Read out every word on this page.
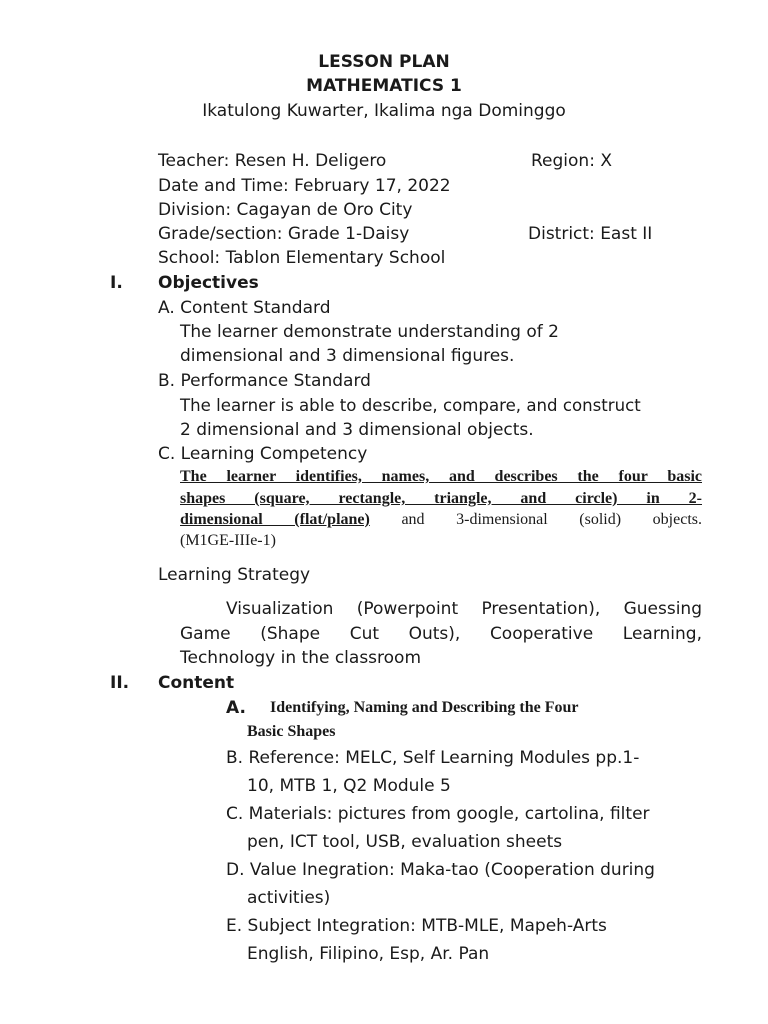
LESSON PLAN
MATHEMATICS 1
Ikatulong Kuwarter, Ikalima nga Dominggo
Teacher: Resen H. Deligero	Region: X
Date and Time: February 17, 2022
Division: Cagayan de Oro City
Grade/section: Grade 1-Daisy	District: East II
School: Tablon Elementary School
I. Objectives
A. Content Standard
The learner demonstrate understanding of 2
dimensional and 3 dimensional figures.
B. Performance Standard
The learner is able to describe, compare, and construct
2 dimensional and 3 dimensional objects.
C. Learning Competency
The learner identifies, names, and describes the four basic
shapes (square, rectangle, triangle, and circle) in 2-
dimensional (flat/plane) and 3-dimensional (solid) objects.
(M1GE-IIIe-1)
Learning Strategy
Visualization (Powerpoint Presentation), Guessing
Game (Shape Cut Outs), Cooperative Learning,
Technology in the classroom
II. Content
A. Identifying, Naming and Describing the Four
Basic Shapes
B. Reference: MELC, Self Learning Modules pp.1-
10, MTB 1, Q2 Module 5
C. Materials: pictures from google, cartolina, filter
pen, ICT tool, USB, evaluation sheets
D. Value Inegration: Maka-tao (Cooperation during
activities)
E. Subject Integration: MTB-MLE, Mapeh-Arts
English, Filipino, Esp, Ar. Pan
